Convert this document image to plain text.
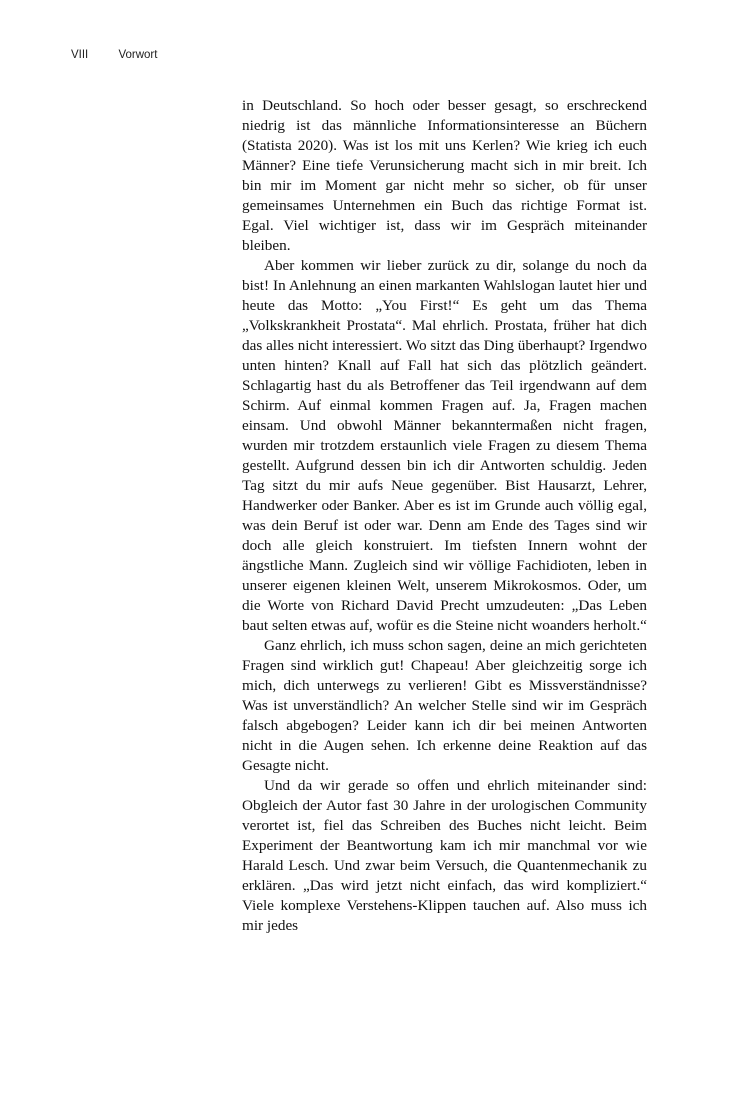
VIII	Vorwort

in Deutschland. So hoch oder besser gesagt, so erschreckend niedrig ist das männliche Informationsinteresse an Büchern (Statista 2020). Was ist los mit uns Kerlen? Wie krieg ich euch Männer? Eine tiefe Verunsicherung macht sich in mir breit. Ich bin mir im Moment gar nicht mehr so sicher, ob für unser gemeinsames Unternehmen ein Buch das richtige Format ist. Egal. Viel wichtiger ist, dass wir im Gespräch miteinander bleiben.

Aber kommen wir lieber zurück zu dir, solange du noch da bist! In Anlehnung an einen markanten Wahlslogan lautet hier und heute das Motto: „You First!“ Es geht um das Thema „Volkskrankheit Prostata“. Mal ehrlich. Prostata, früher hat dich das alles nicht interessiert. Wo sitzt das Ding überhaupt? Irgendwo unten hinten? Knall auf Fall hat sich das plötzlich geändert. Schlagartig hast du als Betroffener das Teil irgendwann auf dem Schirm. Auf einmal kommen Fragen auf. Ja, Fragen machen einsam. Und obwohl Männer bekanntermaßen nicht fragen, wurden mir trotzdem erstaunlich viele Fragen zu diesem Thema gestellt. Aufgrund dessen bin ich dir Antworten schuldig. Jeden Tag sitzt du mir aufs Neue gegenüber. Bist Hausarzt, Lehrer, Handwerker oder Banker. Aber es ist im Grunde auch völlig egal, was dein Beruf ist oder war. Denn am Ende des Tages sind wir doch alle gleich konstruiert. Im tiefsten Innern wohnt der ängstliche Mann. Zugleich sind wir völlige Fachidioten, leben in unserer eigenen kleinen Welt, unserem Mikrokosmos. Oder, um die Worte von Richard David Precht umzudeuten: „Das Leben baut selten etwas auf, wofür es die Steine nicht woanders herholt.“

Ganz ehrlich, ich muss schon sagen, deine an mich gerichteten Fragen sind wirklich gut! Chapeau! Aber gleichzeitig sorge ich mich, dich unterwegs zu verlieren! Gibt es Missverständnisse? Was ist unverständlich? An welcher Stelle sind wir im Gespräch falsch abgebogen? Leider kann ich dir bei meinen Antworten nicht in die Augen sehen. Ich erkenne deine Reaktion auf das Gesagte nicht.

Und da wir gerade so offen und ehrlich miteinander sind: Obgleich der Autor fast 30 Jahre in der urologischen Community verortet ist, fiel das Schreiben des Buches nicht leicht. Beim Experiment der Beantwortung kam ich mir manchmal vor wie Harald Lesch. Und zwar beim Versuch, die Quantenmechanik zu erklären. „Das wird jetzt nicht einfach, das wird kompliziert.“ Viele komplexe Verstehens-Klippen tauchen auf. Also muss ich mir jedes
